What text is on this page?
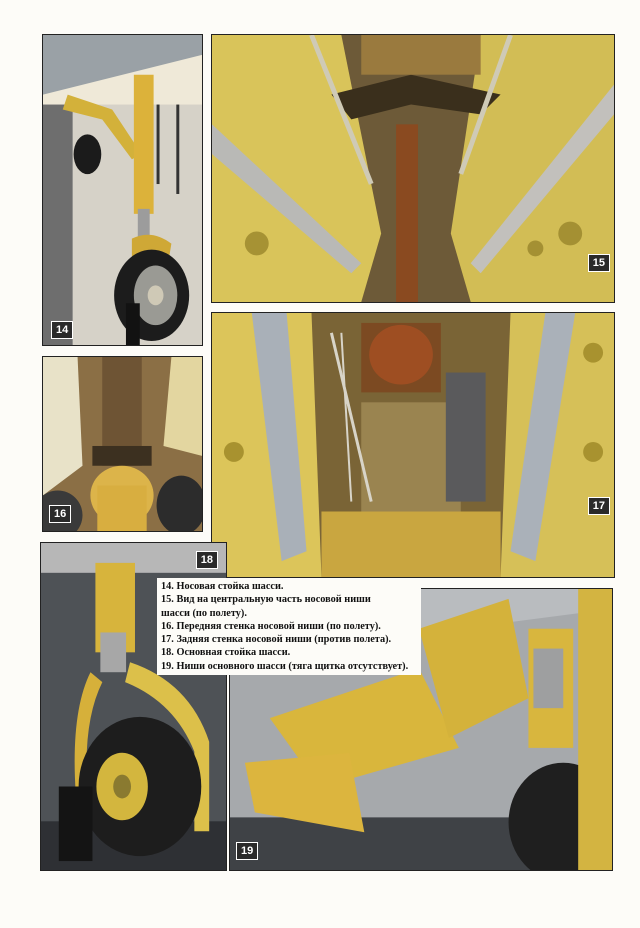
14
15
16
17
18
19

14. Носовая стойка шасси.

15. Вид на центральную часть носовой ниши
шасси (по полету).

16. Передняя стенка носовой ниши (по полету).

17. Задняя стенка носовой ниши (против полета).

18. Основная стойка шасси.

19. Ниши основного шасси (тяга щитка отсутствует).
